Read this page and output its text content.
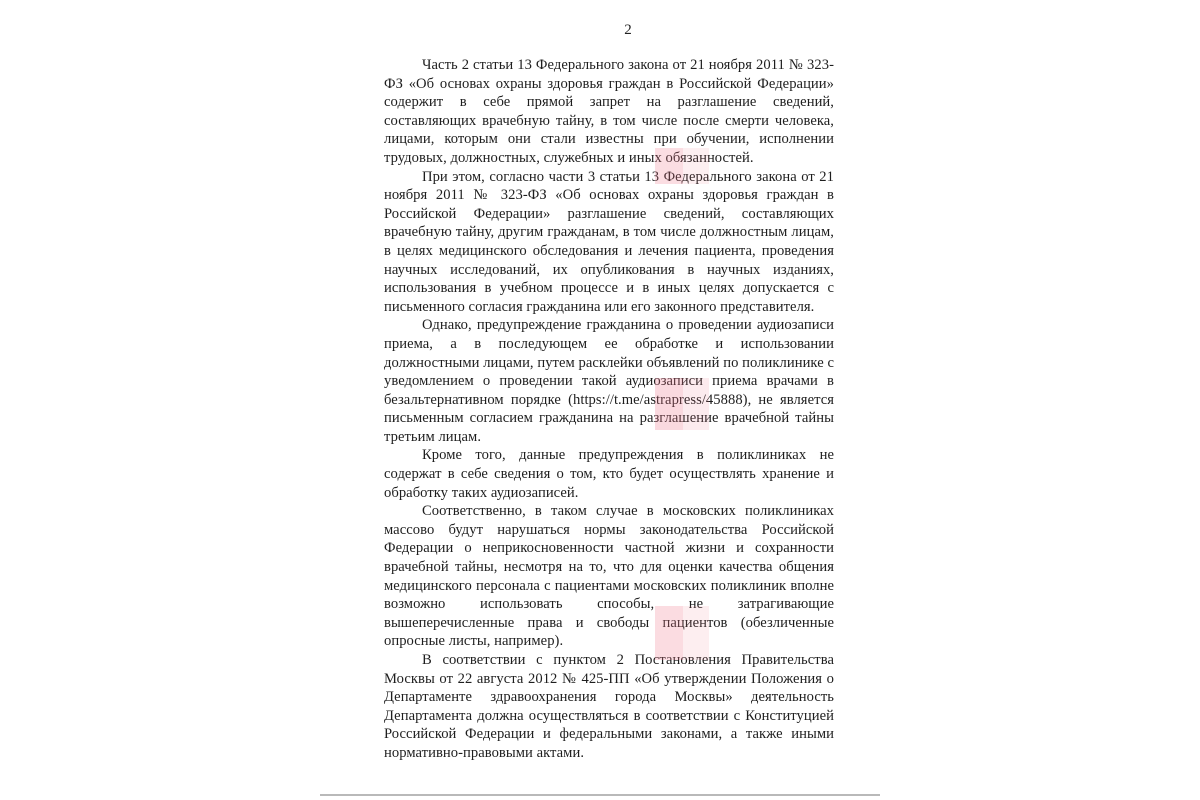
2

Часть 2 статьи 13 Федерального закона от 21 ноября 2011 № 323-ФЗ «Об основах охраны здоровья граждан в Российской Федерации» содержит в себе прямой запрет на разглашение сведений, составляющих врачебную тайну, в том числе после смерти человека, лицами, которым они стали известны при обучении, исполнении трудовых, должностных, служебных и иных обязанностей.

При этом, согласно части 3 статьи 13 Федерального закона от 21 ноября 2011 № 323-ФЗ «Об основах охраны здоровья граждан в Российской Федерации» разглашение сведений, составляющих врачебную тайну, другим гражданам, в том числе должностным лицам, в целях медицинского обследования и лечения пациента, проведения научных исследований, их опубликования в научных изданиях, использования в учебном процессе и в иных целях допускается с письменного согласия гражданина или его законного представителя.

Однако, предупреждение гражданина о проведении аудиозаписи приема, а в последующем ее обработке и использовании должностными лицами, путем расклейки объявлений по поликлинике с уведомлением о проведении такой аудиозаписи приема врачами в безальтернативном порядке (https://t.me/astrapress/45888), не является письменным согласием гражданина на разглашение врачебной тайны третьим лицам.

Кроме того, данные предупреждения в поликлиниках не содержат в себе сведения о том, кто будет осуществлять хранение и обработку таких аудиозаписей.

Соответственно, в таком случае в московских поликлиниках массово будут нарушаться нормы законодательства Российской Федерации о неприкосновенности частной жизни и сохранности врачебной тайны, несмотря на то, что для оценки качества общения медицинского персонала с пациентами московских поликлиник вполне возможно использовать способы, не затрагивающие вышеперечисленные права и свободы пациентов (обезличенные опросные листы, например).

В соответствии с пунктом 2 Постановления Правительства Москвы от 22 августа 2012 № 425-ПП «Об утверждении Положения о Департаменте здравоохранения города Москвы» деятельность Департамента должна осуществляться в соответствии с Конституцией Российской Федерации и федеральными законами, а также иными нормативно-правовыми актами.
